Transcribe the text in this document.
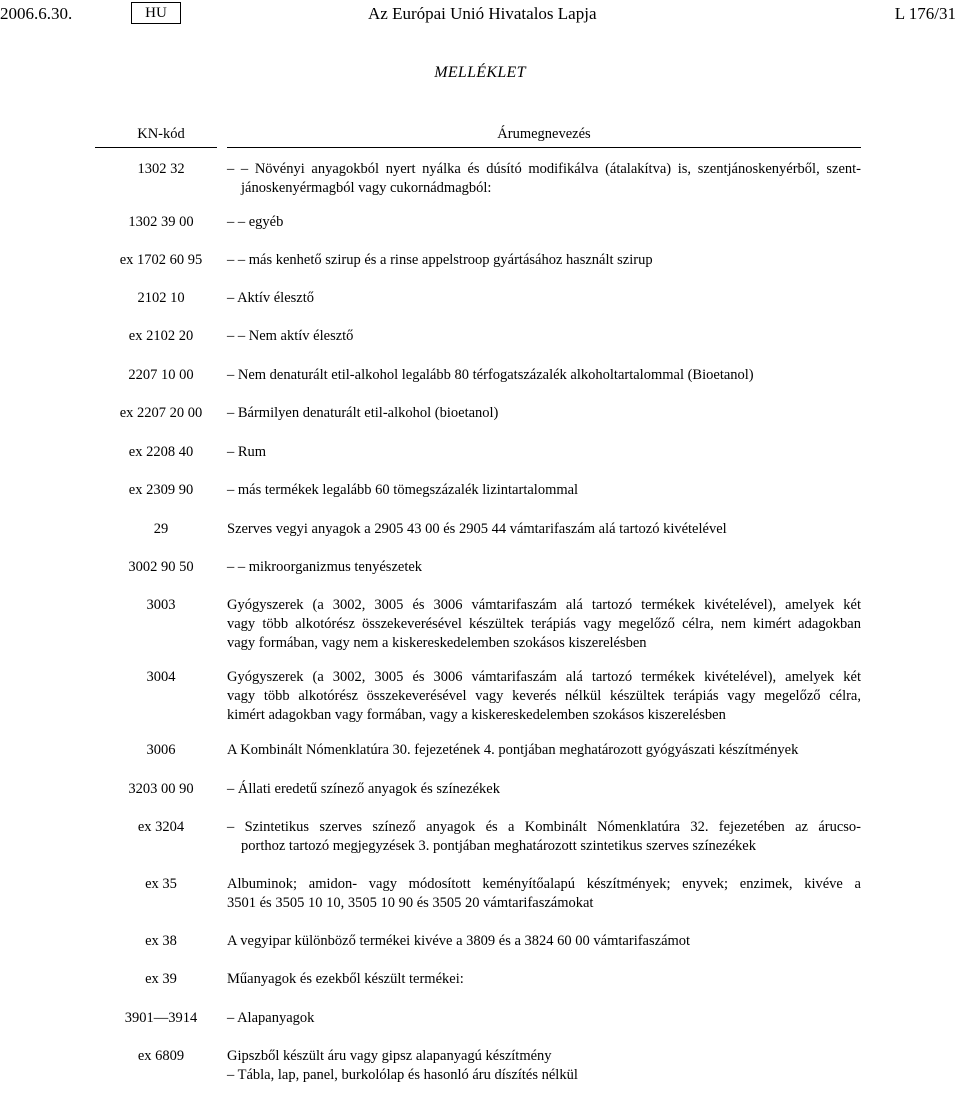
2006.6.30.	HU	Az Európai Unió Hivatalos Lapja	L 176/31
MELLÉKLET
KN-kód	Árumegnevezés
1302 32	– – Növényi anyagokból nyert nyálka és dúsító modifikálva (átalakítva) is, szentjánoskenyérből, szent-
jánoskenyérmagból vagy cukornádmagból:
1302 39 00	– – egyéb
ex 1702 60 95	– – más kenhető szirup és a rinse appelstroop gyártásához használt szirup
2102 10	– Aktív élesztő
ex 2102 20	– – Nem aktív élesztő
2207 10 00	– Nem denaturált etil-alkohol legalább 80 térfogatszázalék alkoholtartalommal (Bioetanol)
ex 2207 20 00	– Bármilyen denaturált etil-alkohol (bioetanol)
ex 2208 40	– Rum
ex 2309 90	– más termékek legalább 60 tömegszázalék lizintartalommal
29	Szerves vegyi anyagok a 2905 43 00 és 2905 44 vámtarifaszám alá tartozó kivételével
3002 90 50	– – mikroorganizmus tenyészetek
3003	Gyógyszerek (a 3002, 3005 és 3006 vámtarifaszám alá tartozó termékek kivételével), amelyek két
vagy több alkotórész összekeverésével készültek terápiás vagy megelőző célra, nem kimért adagokban
vagy formában, vagy nem a kiskereskedelemben szokásos kiszerelésben
3004	Gyógyszerek (a 3002, 3005 és 3006 vámtarifaszám alá tartozó termékek kivételével), amelyek két
vagy több alkotórész összekeverésével vagy keverés nélkül készültek terápiás vagy megelőző célra,
kimért adagokban vagy formában, vagy a kiskereskedelemben szokásos kiszerelésben
3006	A Kombinált Nómenklatúra 30. fejezetének 4. pontjában meghatározott gyógyászati készítmények
3203 00 90	– Állati eredetű színező anyagok és színezékek
ex 3204	– Szintetikus szerves színező anyagok és a Kombinált Nómenklatúra 32. fejezetében az árucso-
porthoz tartozó megjegyzések 3. pontjában meghatározott szintetikus szerves színezékek
ex 35	Albuminok; amidon- vagy módosított keményítőalapú készítmények; enyvek; enzimek, kivéve a
3501 és 3505 10 10, 3505 10 90 és 3505 20 vámtarifaszámokat
ex 38	A vegyipar különböző termékei kivéve a 3809 és a 3824 60 00 vámtarifaszámot
ex 39	Műanyagok és ezekből készült termékei:
3901—3914	– Alapanyagok
ex 6809	Gipszből készült áru vagy gipsz alapanyagú készítmény
– Tábla, lap, panel, burkolólap és hasonló áru díszítés nélkül
